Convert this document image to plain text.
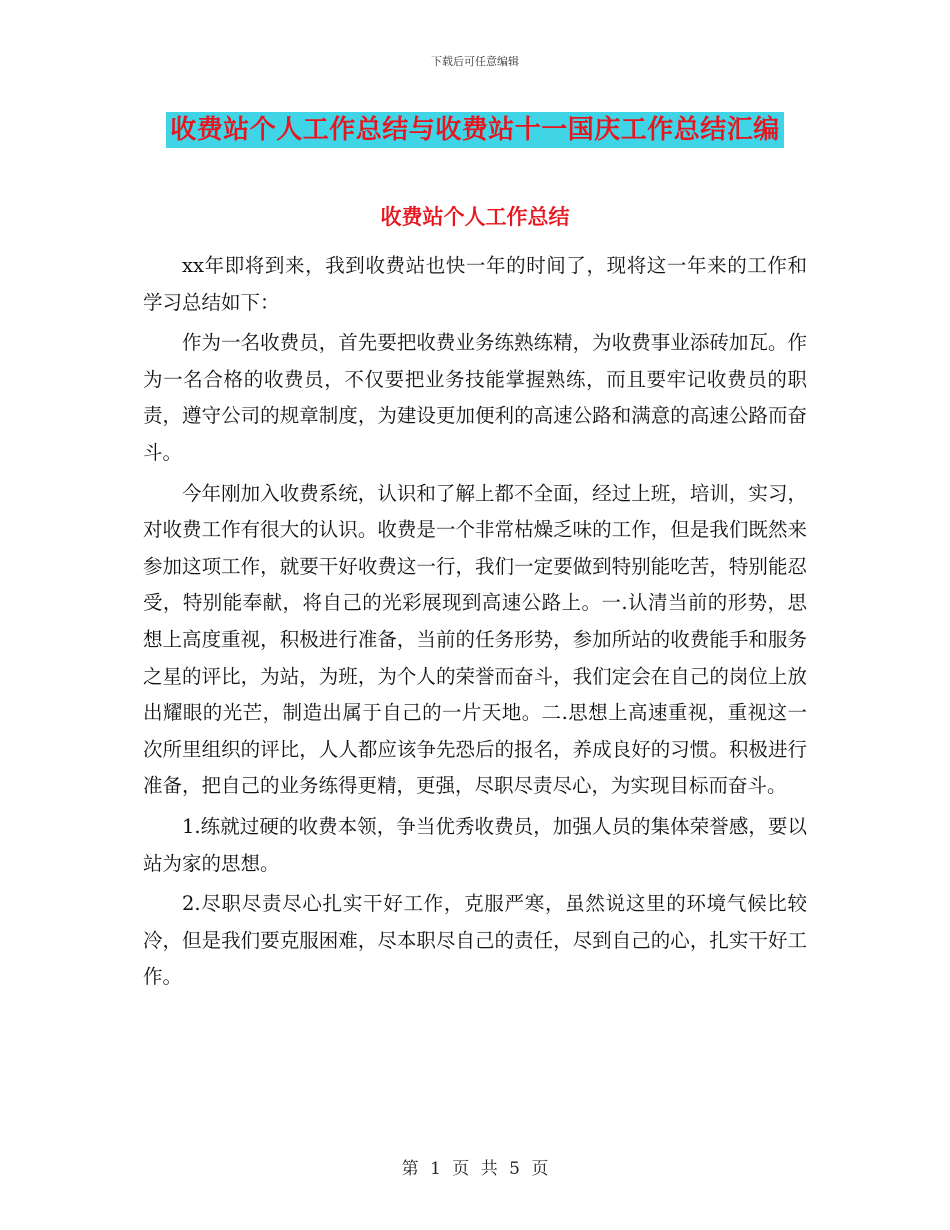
下载后可任意编辑
收费站个人工作总结与收费站十一国庆工作总结汇编
收费站个人工作总结

xx年即将到来，我到收费站也快一年的时间了，现将这一年来的工作和学习总结如下：

作为一名收费员，首先要把收费业务练熟练精，为收费事业添砖加瓦。作为一名合格的收费员，不仅要把业务技能掌握熟练，而且要牢记收费员的职责，遵守公司的规章制度，为建设更加便利的高速公路和满意的高速公路而奋斗。

今年刚加入收费系统，认识和了解上都不全面，经过上班，培训，实习，对收费工作有很大的认识。收费是一个非常枯燥乏味的工作，但是我们既然来参加这项工作，就要干好收费这一行，我们一定要做到特别能吃苦，特别能忍受，特别能奉献，将自己的光彩展现到高速公路上。一.认清当前的形势，思想上高度重视，积极进行准备，当前的任务形势，参加所站的收费能手和服务之星的评比，为站，为班，为个人的荣誉而奋斗，我们定会在自己的岗位上放出耀眼的光芒，制造出属于自己的一片天地。二.思想上高速重视，重视这一次所里组织的评比，人人都应该争先恐后的报名，养成良好的习惯。积极进行准备，把自己的业务练得更精，更强，尽职尽责尽心，为实现目标而奋斗。

1.练就过硬的收费本领，争当优秀收费员，加强人员的集体荣誉感，要以站为家的思想。

2.尽职尽责尽心扎实干好工作，克服严寒，虽然说这里的环境气候比较冷，但是我们要克服困难，尽本职尽自己的责任，尽到自己的心，扎实干好工作。

第 1 页 共 5 页
